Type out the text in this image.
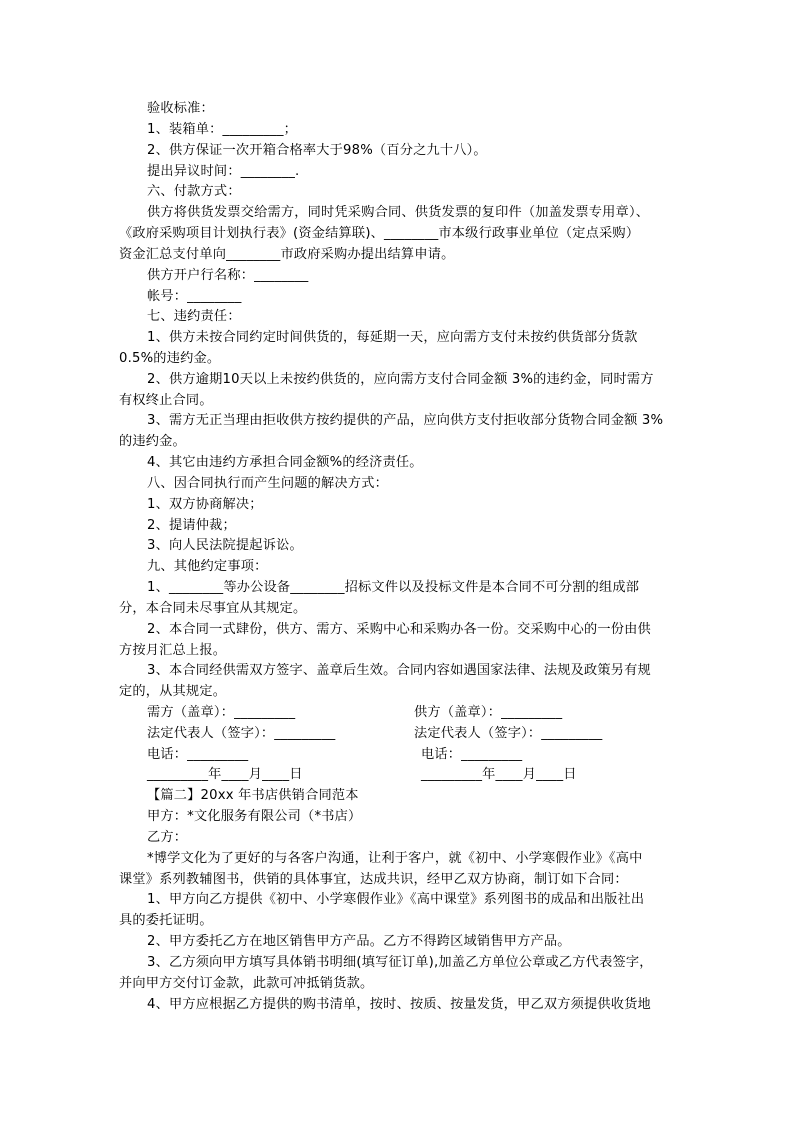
验收标准：
1、装箱单：_________；
2、供方保证一次开箱合格率大于98%（百分之九十八）。
提出异议时间：________.
六、付款方式：
供方将供货发票交给需方，同时凭采购合同、供货发票的复印件（加盖发票专用章）、
《政府采购项目计划执行表》(资金结算联)、________市本级行政事业单位（定点采购）
资金汇总支付单向________市政府采购办提出结算申请。
供方开户行名称：________
帐号：________
七、违约责任：
1、供方未按合同约定时间供货的，每延期一天，应向需方支付未按约供货部分货款
0.5%的违约金。
2、供方逾期10天以上未按约供货的，应向需方支付合同金额 3%的违约金，同时需方
有权终止合同。
3、需方无正当理由拒收供方按约提供的产品，应向供方支付拒收部分货物合同金额 3%
的违约金。
4、其它由违约方承担合同金额%的经济责任。
八、因合同执行而产生问题的解决方式：
1、双方协商解决；
2、提请仲裁；
3、向人民法院提起诉讼。
九、其他约定事项：
1、________等办公设备________招标文件以及投标文件是本合同不可分割的组成部
分，本合同未尽事宜从其规定。
2、本合同一式肆份，供方、需方、采购中心和采购办各一份。交采购中心的一份由供
方按月汇总上报。
3、本合同经供需双方签字、盖章后生效。合同内容如遇国家法律、法规及政策另有规
定的，从其规定。
需方（盖章）：_________	供方（盖章）：_________
法定代表人（签字）：_________	法定代表人（签字）：_________
电话：_________	电话：_________
_________年____月____日	_________年____月____日
【篇二】20xx 年书店供销合同范本
甲方：*文化服务有限公司（*书店）
乙方：
*博学文化为了更好的与各客户沟通，让利于客户，就《初中、小学寒假作业》《高中
课堂》系列教辅图书，供销的具体事宜，达成共识，经甲乙双方协商，制订如下合同：
1、甲方向乙方提供《初中、小学寒假作业》《高中课堂》系列图书的成品和出版社出
具的委托证明。
2、甲方委托乙方在地区销售甲方产品。乙方不得跨区域销售甲方产品。
3、乙方须向甲方填写具体销书明细(填写征订单),加盖乙方单位公章或乙方代表签字，
并向甲方交付订金款，此款可冲抵销货款。
4、甲方应根据乙方提供的购书清单，按时、按质、按量发货，甲乙双方须提供收货地
